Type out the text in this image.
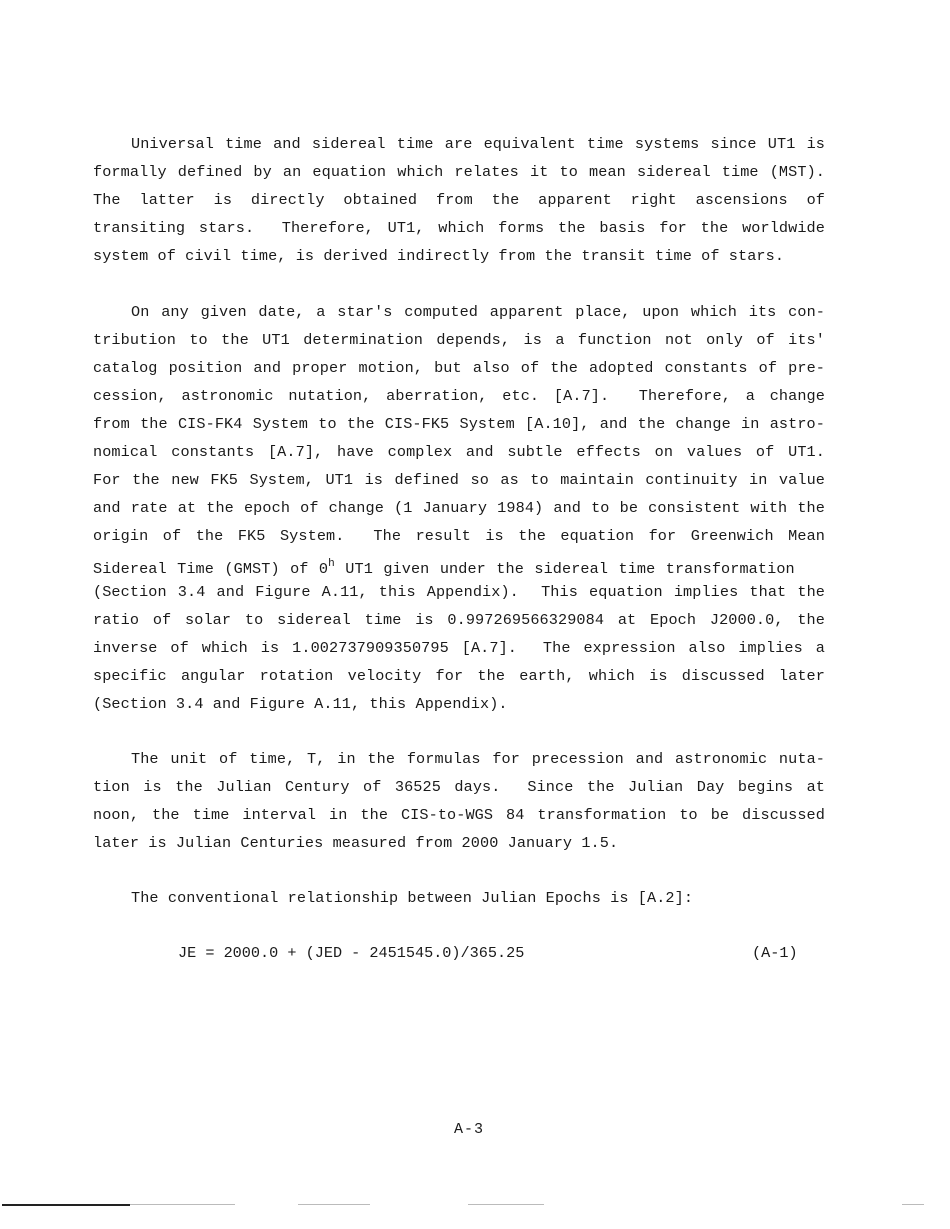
Universal time and sidereal time are equivalent time systems since UT1 is
formally defined by an equation which relates it to mean sidereal time (MST).
The latter is directly obtained from the apparent right ascensions of
transiting stars.  Therefore, UT1, which forms the basis for the worldwide
system of civil time, is derived indirectly from the transit time of stars.
On any given date, a star's computed apparent place, upon which its con-
tribution to the UT1 determination depends, is a function not only of its'
catalog position and proper motion, but also of the adopted constants of pre-
cession, astronomic nutation, aberration, etc. [A.7].  Therefore, a change
from the CIS-FK4 System to the CIS-FK5 System [A.10], and the change in astro-
nomical constants [A.7], have complex and subtle effects on values of UT1.
For the new FK5 System, UT1 is defined so as to maintain continuity in value
and rate at the epoch of change (1 January 1984) and to be consistent with the
origin of the FK5 System.  The result is the equation for Greenwich Mean
Sidereal Time (GMST) of 0$^h$ UT1 given under the sidereal time transformation
(Section 3.4 and Figure A.11, this Appendix).  This equation implies that the
ratio of solar to sidereal time is 0.997269566329084 at Epoch J2000.0, the
inverse of which is 1.002737909350795 [A.7].  The expression also implies a
specific angular rotation velocity for the earth, which is discussed later
(Section 3.4 and Figure A.11, this Appendix).
The unit of time, T, in the formulas for precession and astronomic nuta-
tion is the Julian Century of 36525 days.  Since the Julian Day begins at
noon, the time interval in the CIS-to-WGS 84 transformation to be discussed
later is Julian Centuries measured from 2000 January 1.5.
The conventional relationship between Julian Epochs is [A.2]:
JE = 2000.0 + (JED - 2451545.0)/365.25	(A-1)
A-3
